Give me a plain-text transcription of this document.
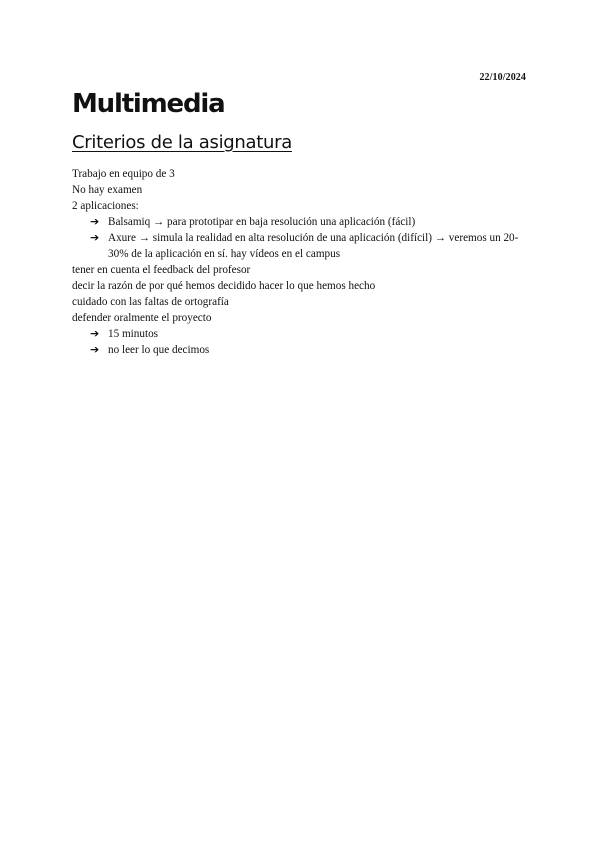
22/10/2024
Multimedia
Criterios de la asignatura

Trabajo en equipo de 3

No hay examen

2 aplicaciones:

➔ Balsamiq → para prototipar en baja resolución una aplicación (fácil)
➔ Axure → simula la realidad en alta resolución de una aplicación (difícil) → veremos un 20-30% de la aplicación en sí. hay vídeos en el campus

tener en cuenta el feedback del profesor

decir la razón de por qué hemos decidido hacer lo que hemos hecho

cuidado con las faltas de ortografía

defender oralmente el proyecto

➔ 15 minutos
➔ no leer lo que decimos
